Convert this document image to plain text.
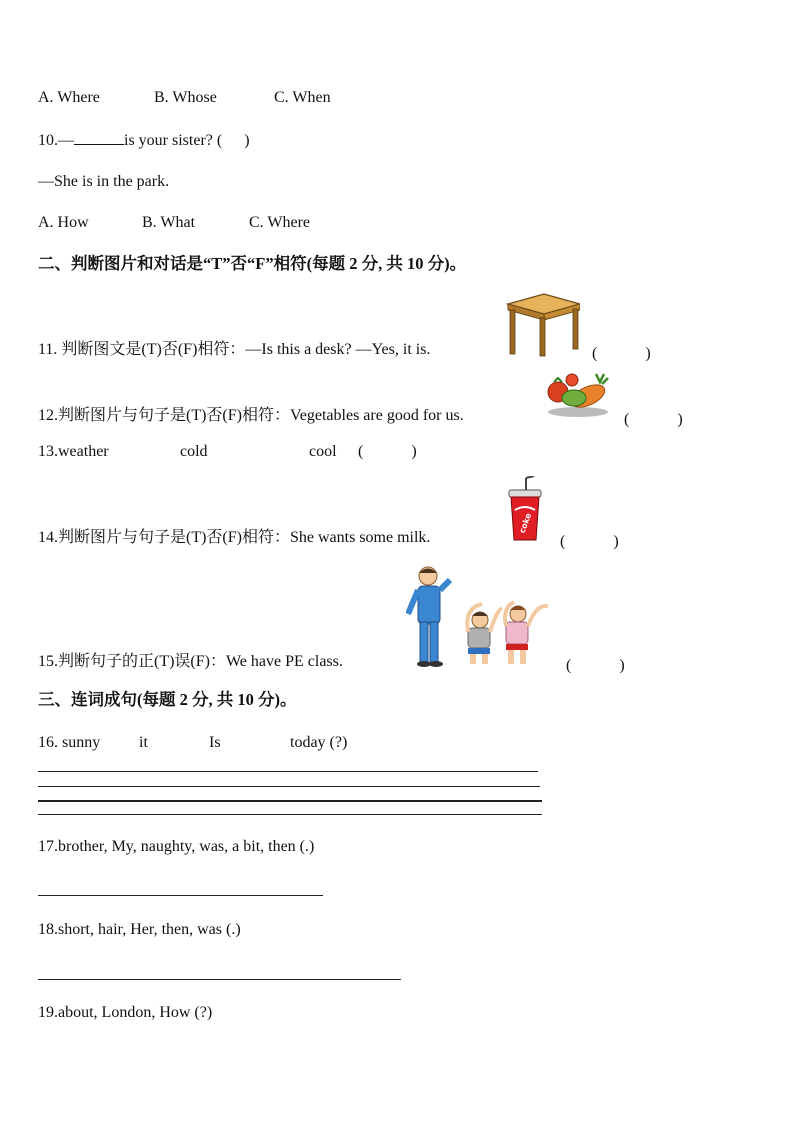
A. Where	B. Whose	C. When
10.—	is your sister? ( )
—She is in the park.
A. How	B. What	C. Where
二、判断图片和对话是“T”否“F”相符(每题 2 分, 共 10 分)。
11. 判断图文是(T)否(F)相符：—Is this a desk? —Yes, it is.	(　　　)
12.判断图片与句子是(T)否(F)相符：Vegetables are good for us.	(　　　)
13.weather	cold	cool (　　　)
14.判断图片与句子是(T)否(F)相符：She wants some milk.
coke
(　　　)
15.判断句子的正(T)误(F)：We have PE class.	(　　　)
三、连词成句(每题 2 分, 共 10 分)。
16. sunny it	Is	today (?)
17.brother, My, naughty, was, a bit, then (.)
18.short, hair, Her, then, was (.)
19.about, London, How (?)
